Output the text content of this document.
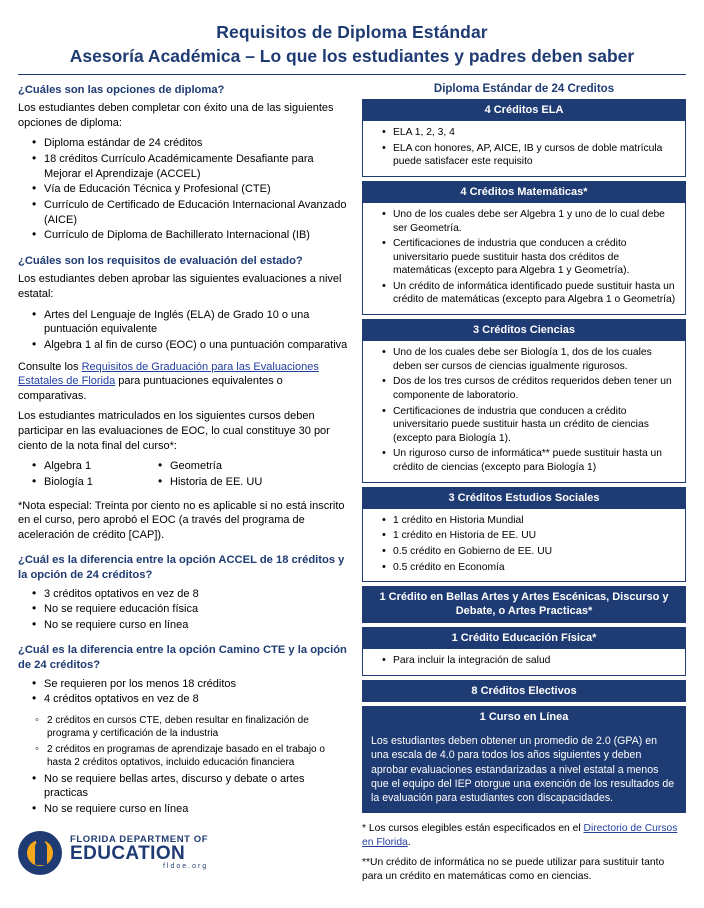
Requisitos de Diploma Estándar
Asesoría Académica – Lo que los estudiantes y padres deben saber
¿Cuáles son las opciones de diploma?

Los estudiantes deben completar con éxito una de las siguientes opciones de diploma:

• Diploma estándar de 24 créditos
• 18 créditos Currículo Académicamente Desafiante para Mejorar el Aprendizaje (ACCEL)
• Vía de Educación Técnica y Profesional (CTE)
• Currículo de Certificado de Educación Internacional Avanzado (AICE)
• Currículo de Diploma de Bachillerato Internacional (IB)
¿Cuáles son los requisitos de evaluación del estado?

Los estudiantes deben aprobar las siguientes evaluaciones a nivel estatal:

• Artes del Lenguaje de Inglés (ELA) de Grado 10 o una puntuación equivalente
• Algebra 1 al fin de curso (EOC) o una puntuación comparativa

Consulte los Requisitos de Graduación para las Evaluaciones Estatales de Florida para puntuaciones equivalentes o comparativas.

Los estudiantes matriculados en los siguientes cursos deben participar en las evaluaciones de EOC, lo cual constituye 30 por ciento de la nota final del curso*:

• Algebra 1
• Biología 1
• Geometría
• Historia de EE. UU

*Nota especial: Treinta por ciento no es aplicable si no está inscrito en el curso, pero aprobó el EOC (a través del programa de aceleración de crédito [CAP]).

¿Cuál es la diferencia entre la opción ACCEL de 18 créditos y la opción de 24 créditos?
• 3 créditos optativos en vez de 8
• No se requiere educación física
• No se requiere curso en línea
¿Cuál es la diferencia entre la opción Camino CTE y la opción de 24 créditos?
• Se requieren por los menos 18 créditos
• 4 créditos optativos en vez de 8
◦ 2 créditos en cursos CTE, deben resultar en finalización de programa y certificación de la industria
◦ 2 créditos en programas de aprendizaje basado en el trabajo o hasta 2 créditos optativos, incluido educación financiera
• No se requiere bellas artes, discurso y debate o artes practicas
• No se requiere curso en línea
FLORIDA DEPARTMENT OF
EDUCATION
fldoe.org
Diploma Estándar de 24 Creditos
4 Créditos ELA
• ELA 1, 2, 3, 4
• ELA con honores, AP, AICE, IB y cursos de doble matrícula puede satisfacer este requisito
4 Créditos Matemáticas*
• Uno de los cuales debe ser Algebra 1 y uno de lo cual debe ser Geometría.
• Certificaciones de industria que conducen a crédito universitario puede sustituir hasta dos créditos de matemáticas (excepto para Algebra 1 y Geometría).
• Un crédito de informática identificado puede sustituir hasta un crédito de matemáticas (excepto para Algebra 1 o Geometría)
3 Créditos Ciencias
• Uno de los cuales debe ser Biología 1, dos de los cuales deben ser cursos de ciencias igualmente rigurosos.
• Dos de los tres cursos de créditos requeridos deben tener un componente de laboratorio.
• Certificaciones de industria que conducen a crédito universitario puede sustituir hasta un crédito de ciencias (excepto para Biología 1).
• Un riguroso curso de informática** puede sustituir hasta un crédito de ciencias (excepto para Biología 1)
3 Créditos Estudios Sociales
• 1 crédito en Historia Mundial
• 1 crédito en Historia de EE. UU
• 0.5 crédito en Gobierno de EE. UU
• 0.5 crédito en Economía
1 Crédito en Bellas Artes y Artes Escénicas, Discurso y Debate, o Artes Practicas*
1 Crédito Educación Física*
• Para incluir la integración de salud
8 Créditos Electivos
1 Curso en Línea
Los estudiantes deben obtener un promedio de 2.0 (GPA) en una escala de 4.0 para todos los años siguientes y deben aprobar evaluaciones estandarizadas a nivel estatal a menos que el equipo del IEP otorgue una exención de los resultados de la evaluación para estudiantes con discapacidades.

* Los cursos elegibles están especificados en el Directorio de Cursos en Florida.

**Un crédito de informática no se puede utilizar para sustituir tanto para un crédito en matemáticas como en ciencias.
